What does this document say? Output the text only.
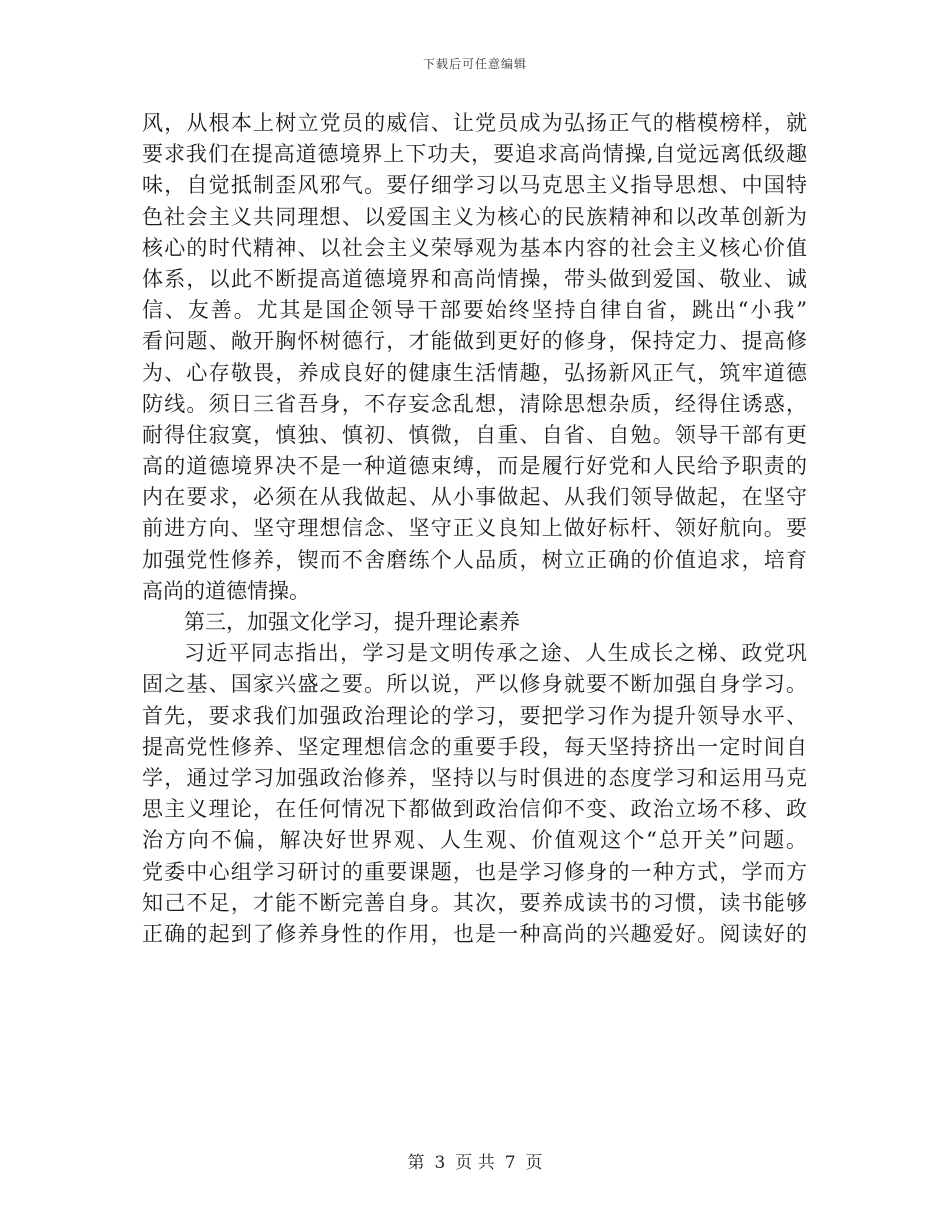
下载后可任意编辑
风，从根本上树立党员的威信、让党员成为弘扬正气的楷模榜样，就
要求我们在提高道德境界上下功夫，要追求高尚情操,自觉远离低级趣
味，自觉抵制歪风邪气。要仔细学习以马克思主义指导思想、中国特
色社会主义共同理想、以爱国主义为核心的民族精神和以改革创新为
核心的时代精神、以社会主义荣辱观为基本内容的社会主义核心价值
体系，以此不断提高道德境界和高尚情操，带头做到爱国、敬业、诚
信、友善。尤其是国企领导干部要始终坚持自律自省，跳出“小我”
看问题、敞开胸怀树德行，才能做到更好的修身，保持定力、提高修
为、心存敬畏，养成良好的健康生活情趣，弘扬新风正气，筑牢道德
防线。须日三省吾身，不存妄念乱想，清除思想杂质，经得住诱惑，
耐得住寂寞，慎独、慎初、慎微，自重、自省、自勉。领导干部有更
高的道德境界决不是一种道德束缚，而是履行好党和人民给予职责的
内在要求，必须在从我做起、从小事做起、从我们领导做起，在坚守
前进方向、坚守理想信念、坚守正义良知上做好标杆、领好航向。要
加强党性修养，锲而不舍磨练个人品质，树立正确的价值追求，培育
高尚的道德情操。
第三，加强文化学习，提升理论素养
习近平同志指出，学习是文明传承之途、人生成长之梯、政党巩
固之基、国家兴盛之要。所以说，严以修身就要不断加强自身学习。
首先，要求我们加强政治理论的学习，要把学习作为提升领导水平、
提高党性修养、坚定理想信念的重要手段，每天坚持挤出一定时间自
学，通过学习加强政治修养，坚持以与时俱进的态度学习和运用马克
思主义理论，在任何情况下都做到政治信仰不变、政治立场不移、政
治方向不偏，解决好世界观、人生观、价值观这个“总开关”问题。
党委中心组学习研讨的重要课题，也是学习修身的一种方式，学而方
知己不足，才能不断完善自身。其次，要养成读书的习惯，读书能够
正确的起到了修养身性的作用，也是一种高尚的兴趣爱好。阅读好的
第 3 页 共 7 页
